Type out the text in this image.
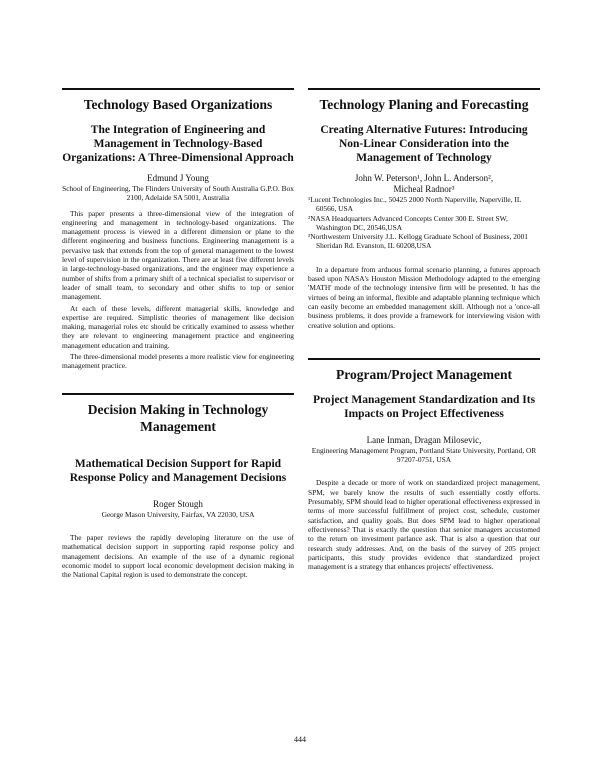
Technology Based Organizations
The Integration of Engineering and Management in Technology-Based Organizations: A Three-Dimensional Approach
Edmund J Young
School of Engineering, The Flinders University of South Australia G.P.O. Box 2100, Adelaide SA 5001, Australia

This paper presents a three-dimensional view of the integration of engineering and management in technology-based organizations. The management process is viewed in a different dimension or plane to the different engineering and business functions. Engineering management is a pervasive task that extends from the top of general management to the lowest level of supervision in the organization. There are at least five different levels in large-technology-based organizations, and the engineer may experience a number of shifts from a primary shift of a technical specialist to supervisor or leader of small team, to secondary and other shifts to top or senior management.

At each of these levels, different managerial skills, knowledge and expertise are required. Simplistic theories of management like decision making, managerial roles etc should be critically examined to assess whether they are relevant to engineering management practice and engineering management education and training.

The three-dimensional model presents a more realistic view for engineering management practice.

Decision Making in Technology Management
Mathematical Decision Support for Rapid Response Policy and Management Decisions
Roger Stough
George Mason University, Fairfax, VA 22030, USA

The paper reviews the rapidly developing literature on the use of mathematical decision support in supporting rapid response policy and management decisions. An example of the use of a dynamic regional economic model to support local economic development decision making in the National Capital region is used to demonstrate the concept.

Technology Planing and Forecasting
Creating Alternative Futures: Introducing Non-Linear Consideration into the Management of Technology
John W. Peterson¹, John L. Anderson²,
Micheal Radnor³

¹Lucent Technologies Inc., 50425 2000 North Naperville, Naperville, IL 60566, USA

²NASA Headquarters Advanced Concepts Center 300 E. Street SW, Washington DC, 20546,USA

³Northwestern University J.L. Kellogg Graduate School of Business, 2001 Sheridan Rd. Evanston, IL 60208,USA

In a departure from arduous formal scenario planning, a futures approach based upon NASA's Houston Mission Methodology adapted to the emerging 'MATH' mode of the technology intensive firm will be presented. It has the virtues of being an informal, flexible and adaptable planning technique which can easily become an embedded management skill. Although not a 'once-all business problems, it does provide a framework for interviewing vision with creative solution and options.

Program/Project Management
Project Management Standardization and Its Impacts on Project Effectiveness
Lane Inman, Dragan Milosevic,
Engineering Management Program, Portland State University, Portland, OR 97207-0751, USA

Despite a decade or more of work on standardized project management, SPM, we barely know the results of such essentially costly efforts. Presumably, SPM should lead to higher operational effectiveness expressed in terms of more successful fulfillment of project cost, schedule, customer satisfaction, and quality goals. But does SPM lead to higher operational effectiveness? That is exactly the question that senior managers accustomed to the return on investment parlance ask. That is also a question that our research study addresses. And, on the basis of the survey of 205 project participants, this study provides evidence that standardized project management is a strategy that enhances projects' effectiveness.

444
